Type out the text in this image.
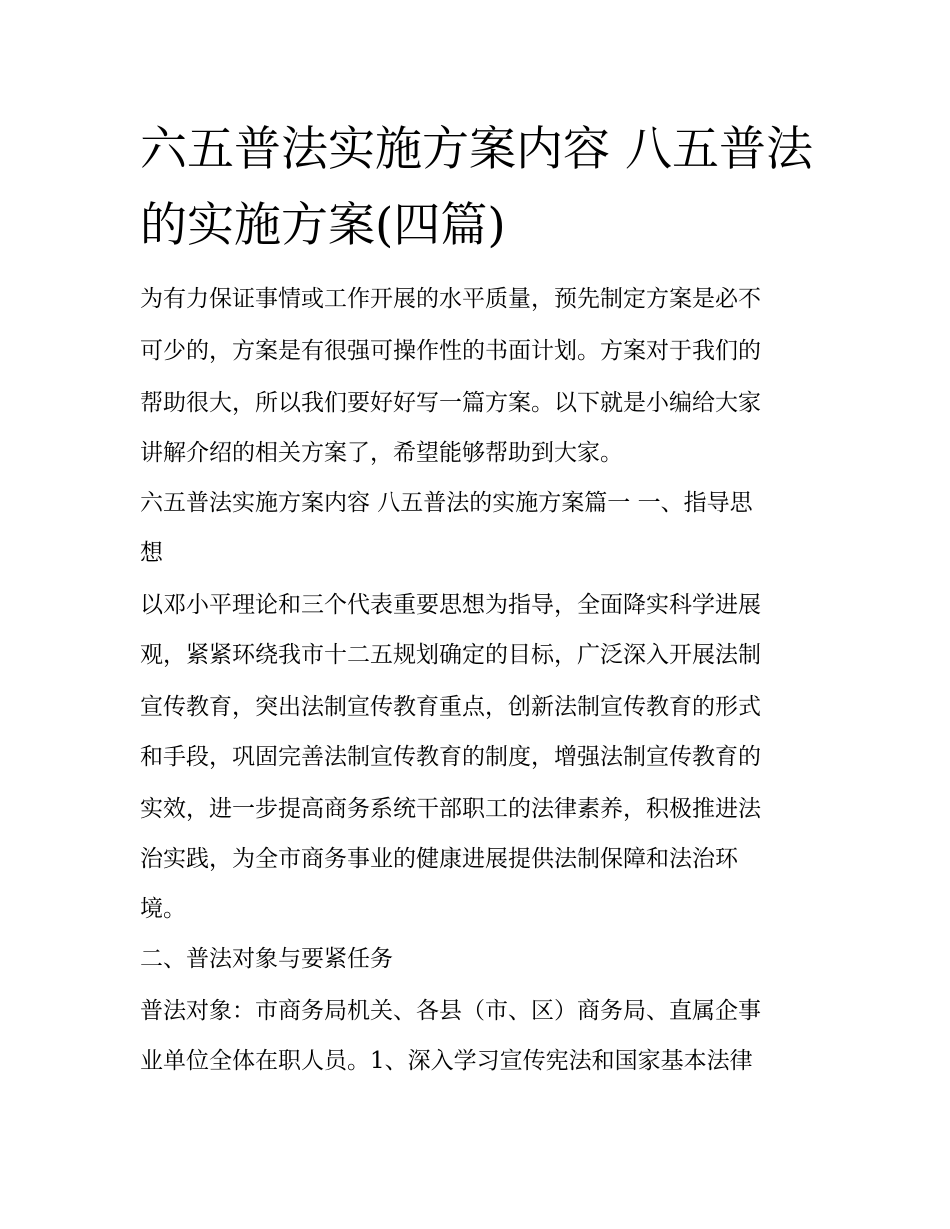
六五普法实施方案内容 八五普法的实施方案(四篇)

为有力保证事情或工作开展的水平质量，预先制定方案是必不

可少的，方案是有很强可操作性的书面计划。方案对于我们的

帮助很大，所以我们要好好写一篇方案。以下就是小编给大家

讲解介绍的相关方案了，希望能够帮助到大家。

六五普法实施方案内容 八五普法的实施方案篇一 一、指导思

想

以邓小平理论和三个代表重要思想为指导，全面降实科学进展

观，紧紧环绕我市十二五规划确定的目标，广泛深入开展法制

宣传教育，突出法制宣传教育重点，创新法制宣传教育的形式

和手段，巩固完善法制宣传教育的制度，增强法制宣传教育的

实效，进一步提高商务系统干部职工的法律素养，积极推进法

治实践，为全市商务事业的健康进展提供法制保障和法治环

境。

二、普法对象与要紧任务

普法对象：市商务局机关、各县（市、区）商务局、直属企事

业单位全体在职人员。1、深入学习宣传宪法和国家基本法律
